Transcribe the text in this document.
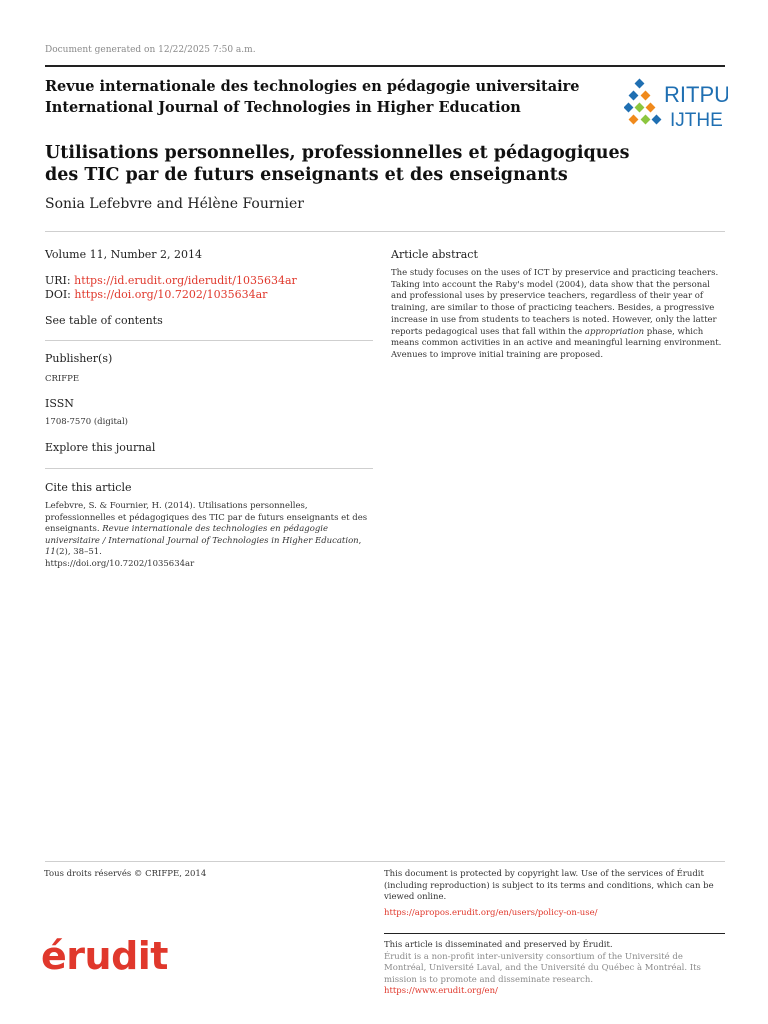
Document generated on 12/22/2025 7:50 a.m.
Revue internationale des technologies en pédagogie universitaire
International Journal of Technologies in Higher Education
RITPU
IJTHE
Utilisations personnelles, professionnelles et pédagogiques des TIC par de futurs enseignants et des enseignants
Sonia Lefebvre and Hélène Fournier
Volume 11, Number 2, 2014
URI: https://id.erudit.org/iderudit/1035634ar
DOI: https://doi.org/10.7202/1035634ar
See table of contents
Publisher(s)
CRIFPE
ISSN
1708-7570 (digital)
Explore this journal
Cite this article
Lefebvre, S. & Fournier, H. (2014). Utilisations personnelles, professionnelles et pédagogiques des TIC par de futurs enseignants et des enseignants. Revue internationale des technologies en pédagogie universitaire / International Journal of Technologies in Higher Education, 11(2), 38–51.
https://doi.org/10.7202/1035634ar
Article abstract
The study focuses on the uses of ICT by preservice and practicing teachers. Taking into account the Raby's model (2004), data show that the personal and professional uses by preservice teachers, regardless of their year of training, are similar to those of practicing teachers. Besides, a progressive increase in use from students to teachers is noted. However, only the latter reports pedagogical uses that fall within the appropriation phase, which means common activities in an active and meaningful learning environment. Avenues to improve initial training are proposed.
Tous droits réservés © CRIFPE, 2014	This document is protected by copyright law. Use of the services of Érudit (including reproduction) is subject to its terms and conditions, which can be viewed online.
https://apropos.erudit.org/en/users/policy-on-use/
érudit	This article is disseminated and preserved by Érudit.
Érudit is a non-profit inter-university consortium of the Université de Montréal, Université Laval, and the Université du Québec à Montréal. Its mission is to promote and disseminate research.
https://www.erudit.org/en/
